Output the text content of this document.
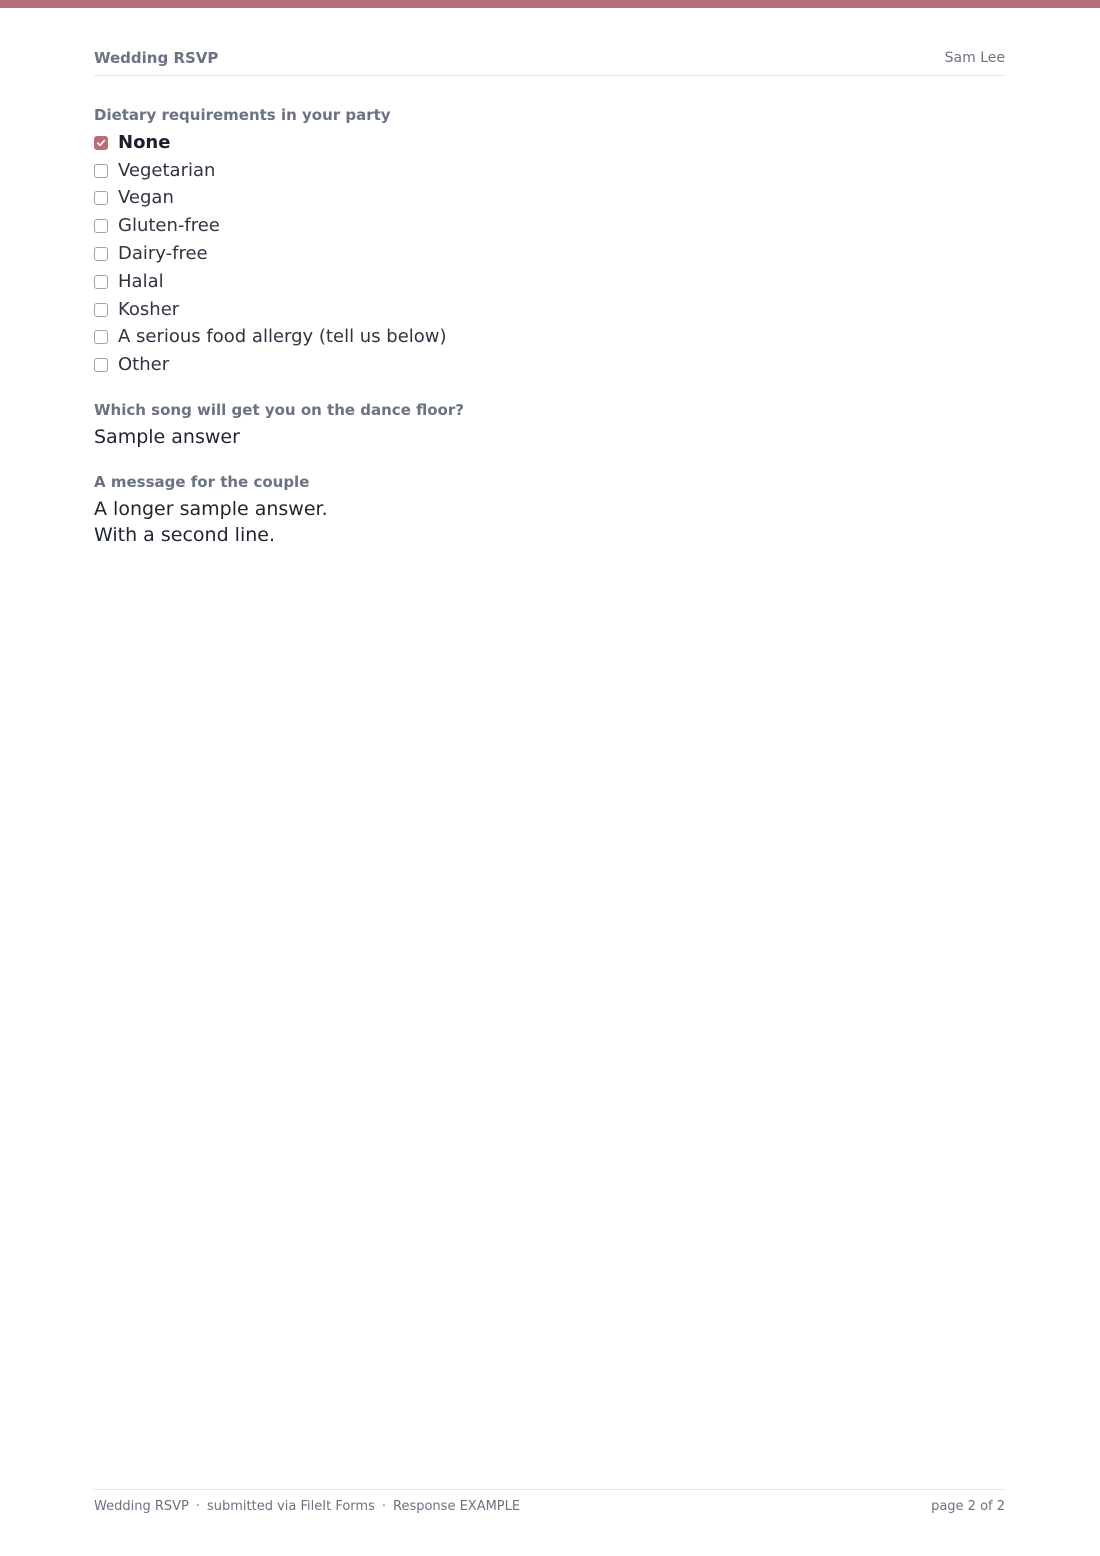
Wedding RSVP	Sam Lee

Dietary requirements in your party

None
Vegetarian
Vegan
Gluten-free
Dairy-free
Halal
Kosher
A serious food allergy (tell us below)
Other

Which song will get you on the dance floor?

Sample answer

A message for the couple

A longer sample answer.

With a second line.

Wedding RSVP · submitted via FileIt Forms · Response EXAMPLE	page 2 of 2
